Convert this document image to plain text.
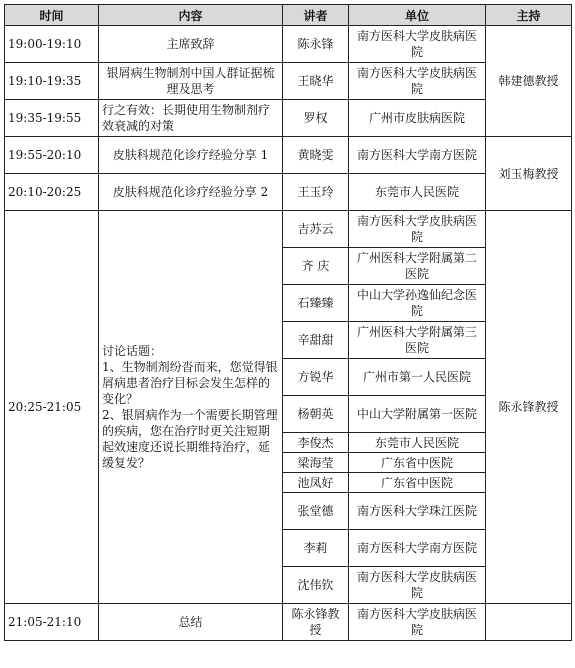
时间	内容	讲者	单位	主持
19:00-19:10	主席致辞	陈永锋	南方医科大学皮肤病医院	韩建德教授
19:10-19:35	银屑病生物制剂中国人群证据梳理及思考	王晓华	南方医科大学皮肤病医院	
19:35-19:55	行之有效：长期使用生物制剂疗效衰减的对策	罗权	广州市皮肤病医院	
19:55-20:10	皮肤科规范化诊疗经验分享 1	黄晓雯	南方医科大学南方医院	刘玉梅教授
20:10-20:25	皮肤科规范化诊疗经验分享 2	王玉玲	东莞市人民医院	
20:25-21:05	讨论话题：
1、生物制剂纷沓而来，您觉得银屑病患者治疗目标会发生怎样的变化？
2、银屑病作为一个需要长期管理的疾病，您在治疗时更关注短期起效速度还说长期维持治疗，延缓复发？	吉苏云	南方医科大学皮肤病医院	陈永锋教授
		齐 庆	广州医科大学附属第二医院	
		石臻臻	中山大学孙逸仙纪念医院	
		辛甜甜	广州医科大学附属第三医院	
		方锐华	广州市第一人民医院	
		杨朝英	中山大学附属第一医院	
		李俊杰	东莞市人民医院	
		梁海莹	广东省中医院	
		池凤好	广东省中医院	
		张堂德	南方医科大学珠江医院	
		李莉	南方医科大学南方医院	
		沈伟钦	南方医科大学皮肤病医院	
21:05-21:10	总结	陈永锋教授	南方医科大学皮肤病医院	
